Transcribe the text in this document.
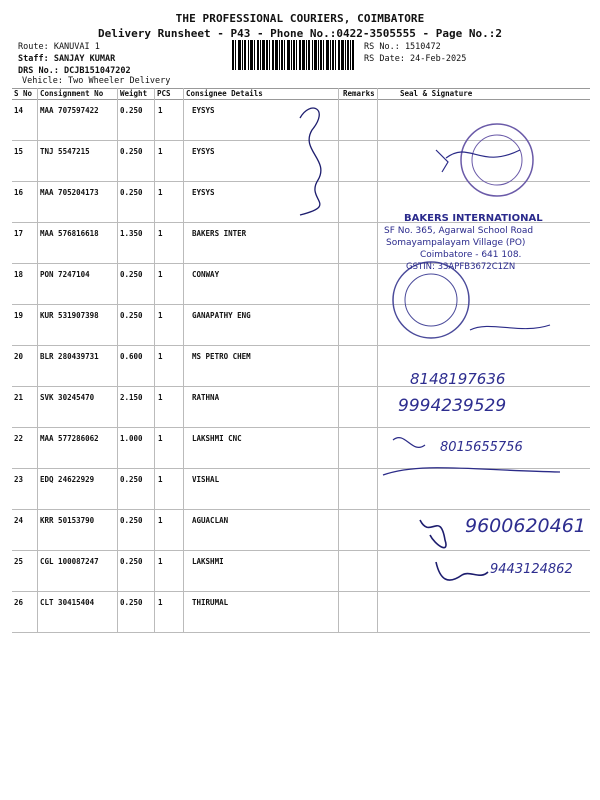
THE PROFESSIONAL COURIERS, COIMBATORE
Delivery Runsheet - P43 - Phone No.:0422-3505555 - Page No.:2
Route: KANUVAI 1
Staff: SANJAY KUMAR
DRS No.: DCJB151047202
Vehicle: Two Wheeler Delivery
RS No.: 1510472
RS Date: 24-Feb-2025
S No Consignment No Weight PCS Consignee Details	Remarks	Seal & Signature
14 MAA 707597422	0.250 1	EYSYS
15 TNJ 5547215	0.250 1	EYSYS
16 MAA 705204173	0.250 1	EYSYS
17 MAA 576816618	1.350 1	BAKERS INTER
18 PON 7247104	0.250 1	CONWAY
19 KUR 531907398	0.250 1	GANAPATHY ENG
20 BLR 280439731	0.600 1	MS PETRO CHEM
21 SVK 30245470	2.150 1	RATHNA
22 MAA 577286062	1.000 1	LAKSHMI CNC
23 EDQ 24622929	0.250 1	VISHAL
24 KRR 50153790	0.250 1	AGUACLAN
25 CGL 100087247	0.250 1	LAKSHMI
26 CLT 30415404	0.250 1	THIRUMAL
BAKERS INTERNATIONAL
SF No. 365, Agarwal School Road
Somayampalayam Village (PO)
Coimbatore - 641 108.
GSTIN: 33APFB3672C1ZN
8148197636
9994239529
8015655756
9600620461
9443124862
